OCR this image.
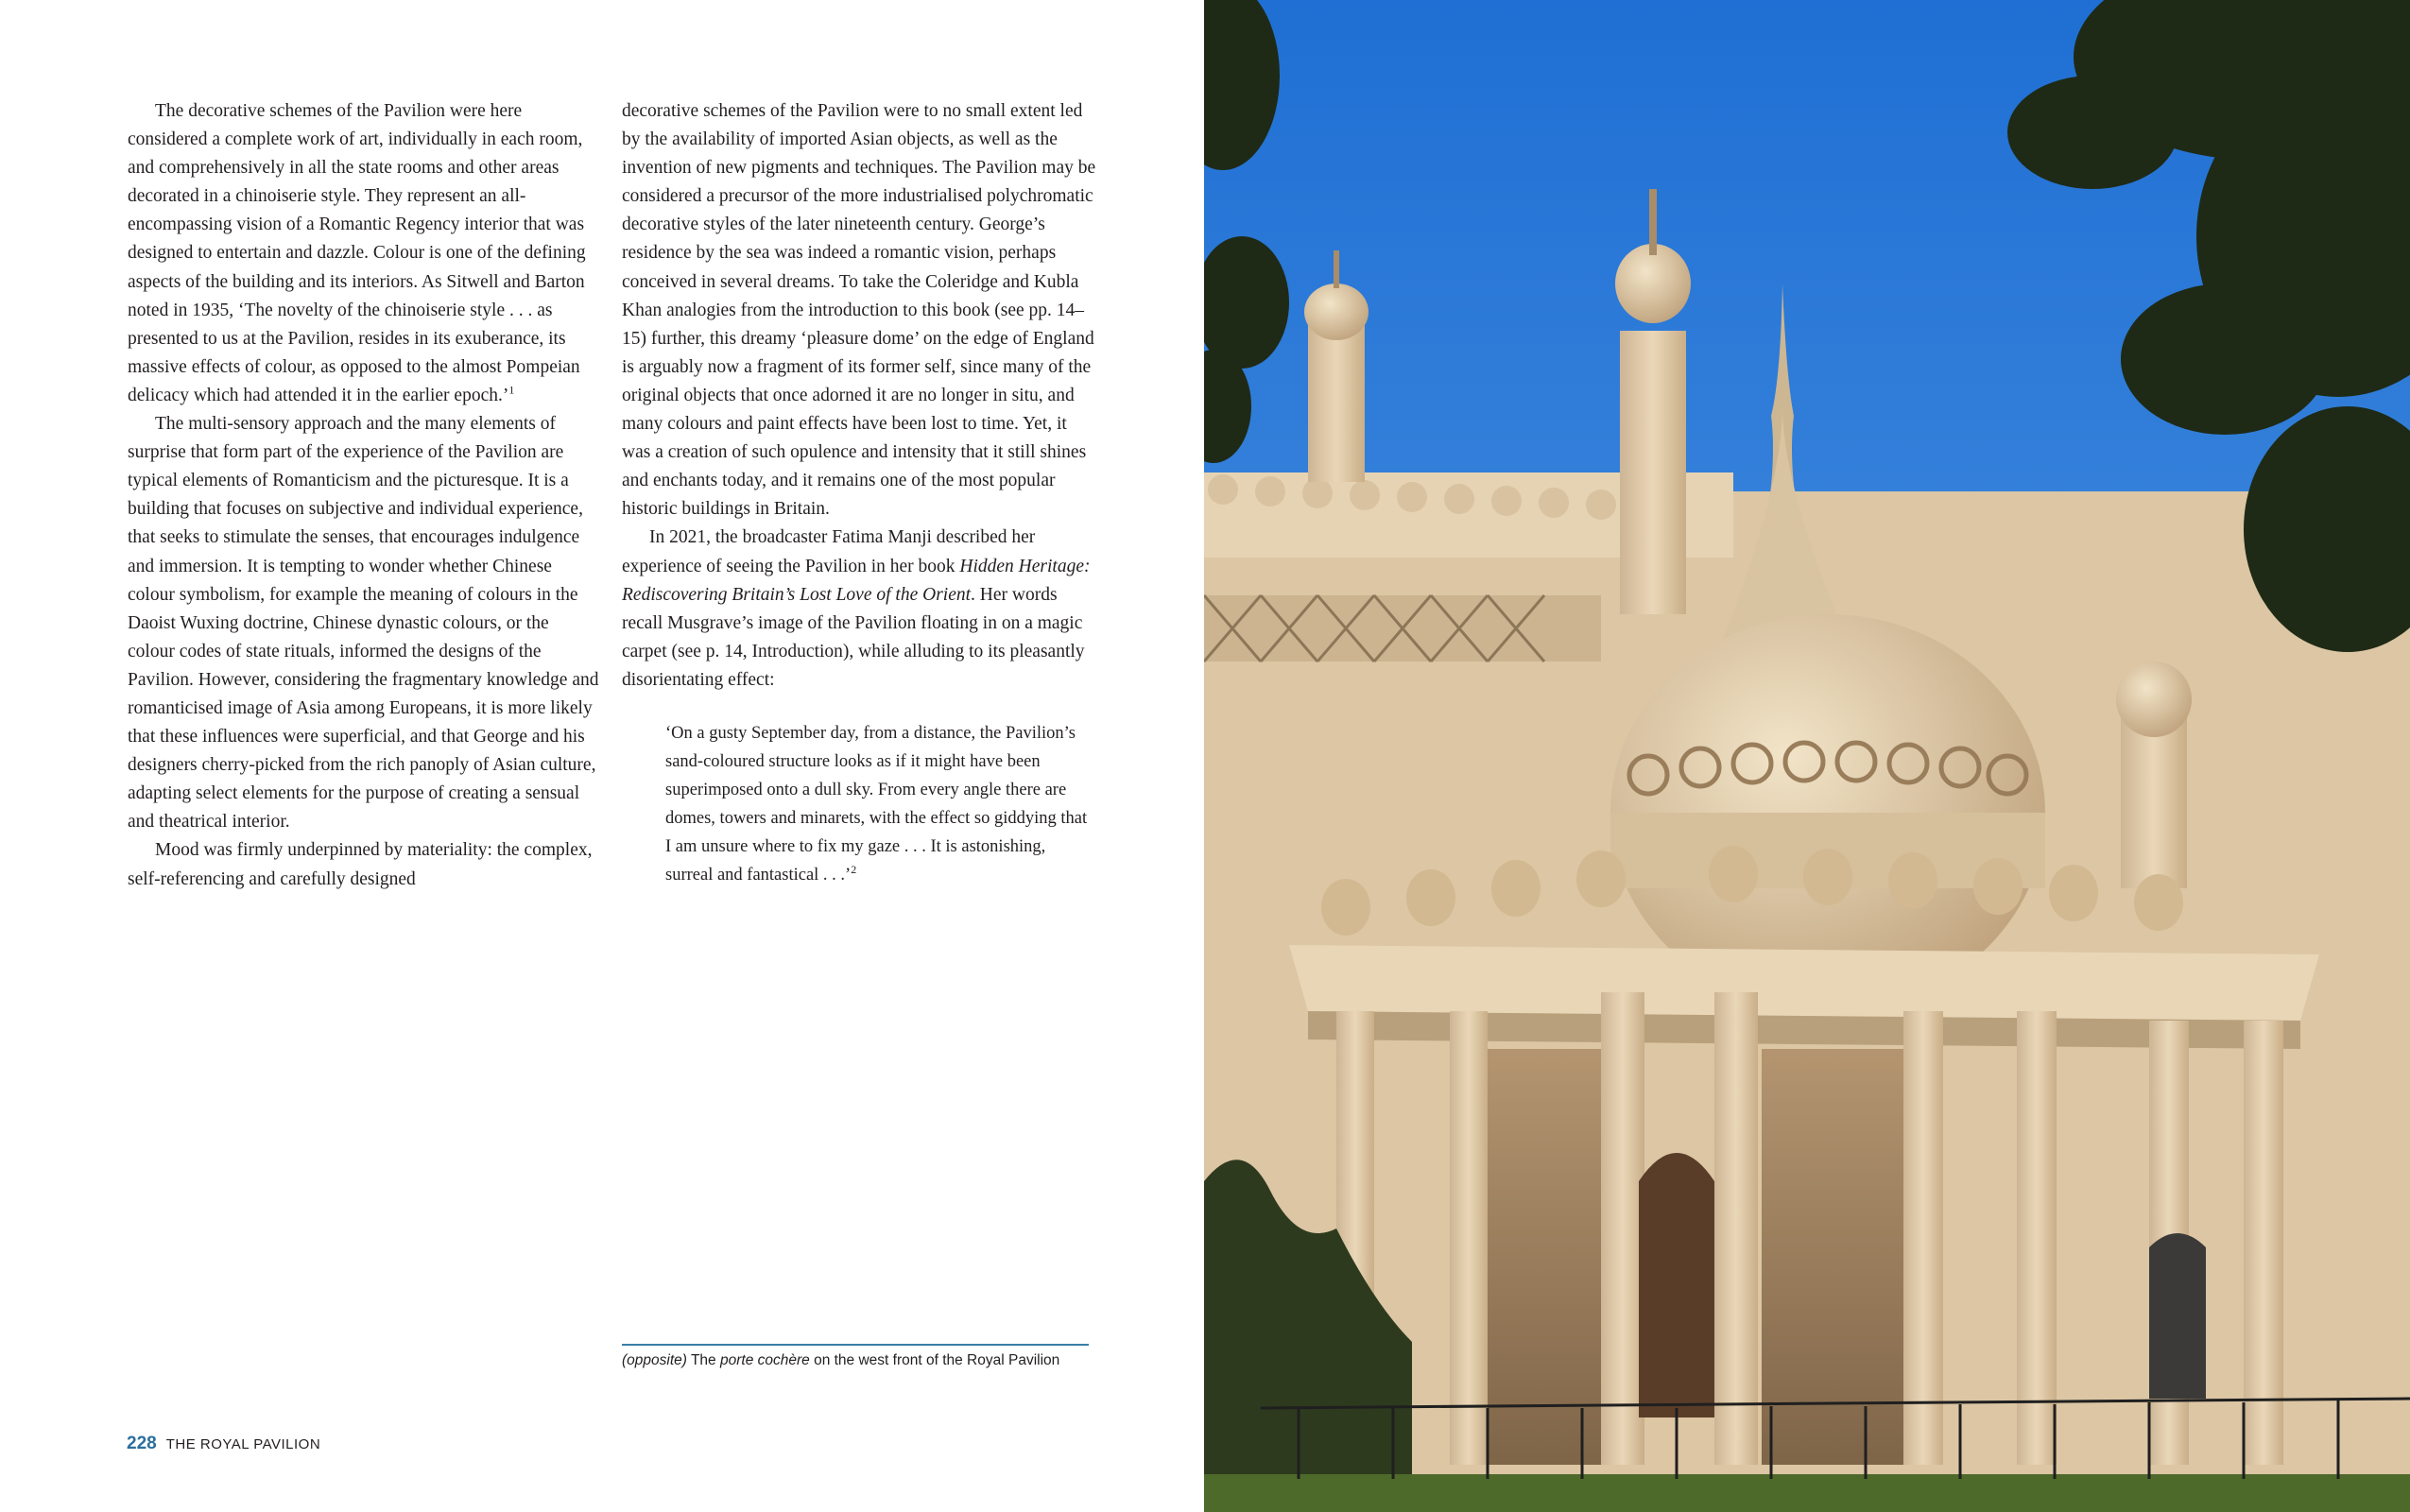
The decorative schemes of the Pavilion were here considered a complete work of art, individually in each room, and comprehensively in all the state rooms and other areas decorated in a chinoiserie style. They represent an all-encompassing vision of a Romantic Regency interior that was designed to entertain and dazzle. Colour is one of the defining aspects of the building and its interiors. As Sitwell and Barton noted in 1935, ‘The novelty of the chinoiserie style . . . as presented to us at the Pavilion, resides in its exuberance, its massive effects of colour, as opposed to the almost Pompeian delicacy which had attended it in the earlier epoch.’$^1$

The multi-sensory approach and the many elements of surprise that form part of the experience of the Pavilion are typical elements of Romanticism and the picturesque. It is a building that focuses on subjective and individual experience, that seeks to stimulate the senses, that encourages indulgence and immersion. It is tempting to wonder whether Chinese colour symbolism, for example the meaning of colours in the Daoist Wuxing doctrine, Chinese dynastic colours, or the colour codes of state rituals, informed the designs of the Pavilion. However, considering the fragmentary knowledge and romanticised image of Asia among Europeans, it is more likely that these influences were superficial, and that George and his designers cherry-picked from the rich panoply of Asian culture, adapting select elements for the purpose of creating a sensual and theatrical interior.

Mood was firmly underpinned by materiality: the complex, self-referencing and carefully designed

decorative schemes of the Pavilion were to no small extent led by the availability of imported Asian objects, as well as the invention of new pigments and techniques. The Pavilion may be considered a precursor of the more industrialised polychromatic decorative styles of the later nineteenth century. George’s residence by the sea was indeed a romantic vision, perhaps conceived in several dreams. To take the Coleridge and Kubla Khan analogies from the introduction to this book (see pp. 14–15) further, this dreamy ‘pleasure dome’ on the edge of England is arguably now a fragment of its former self, since many of the original objects that once adorned it are no longer in situ, and many colours and paint effects have been lost to time. Yet, it was a creation of such opulence and intensity that it still shines and enchants today, and it remains one of the most popular historic buildings in Britain.

In 2021, the broadcaster Fatima Manji described her experience of seeing the Pavilion in her book Hidden Heritage: Rediscovering Britain’s Lost Love of the Orient. Her words recall Musgrave’s image of the Pavilion floating in on a magic carpet (see p. 14, Introduction), while alluding to its pleasantly disorientating effect:

‘On a gusty September day, from a distance, the Pavilion’s sand-coloured structure looks as if it might have been superimposed onto a dull sky. From every angle there are domes, towers and minarets, with the effect so giddying that I am unsure where to fix my gaze . . . It is astonishing, surreal and fantastical . . .’$^2$

(opposite) The porte cochère on the west front of the Royal Pavilion
228 THE ROYAL PAVILION
